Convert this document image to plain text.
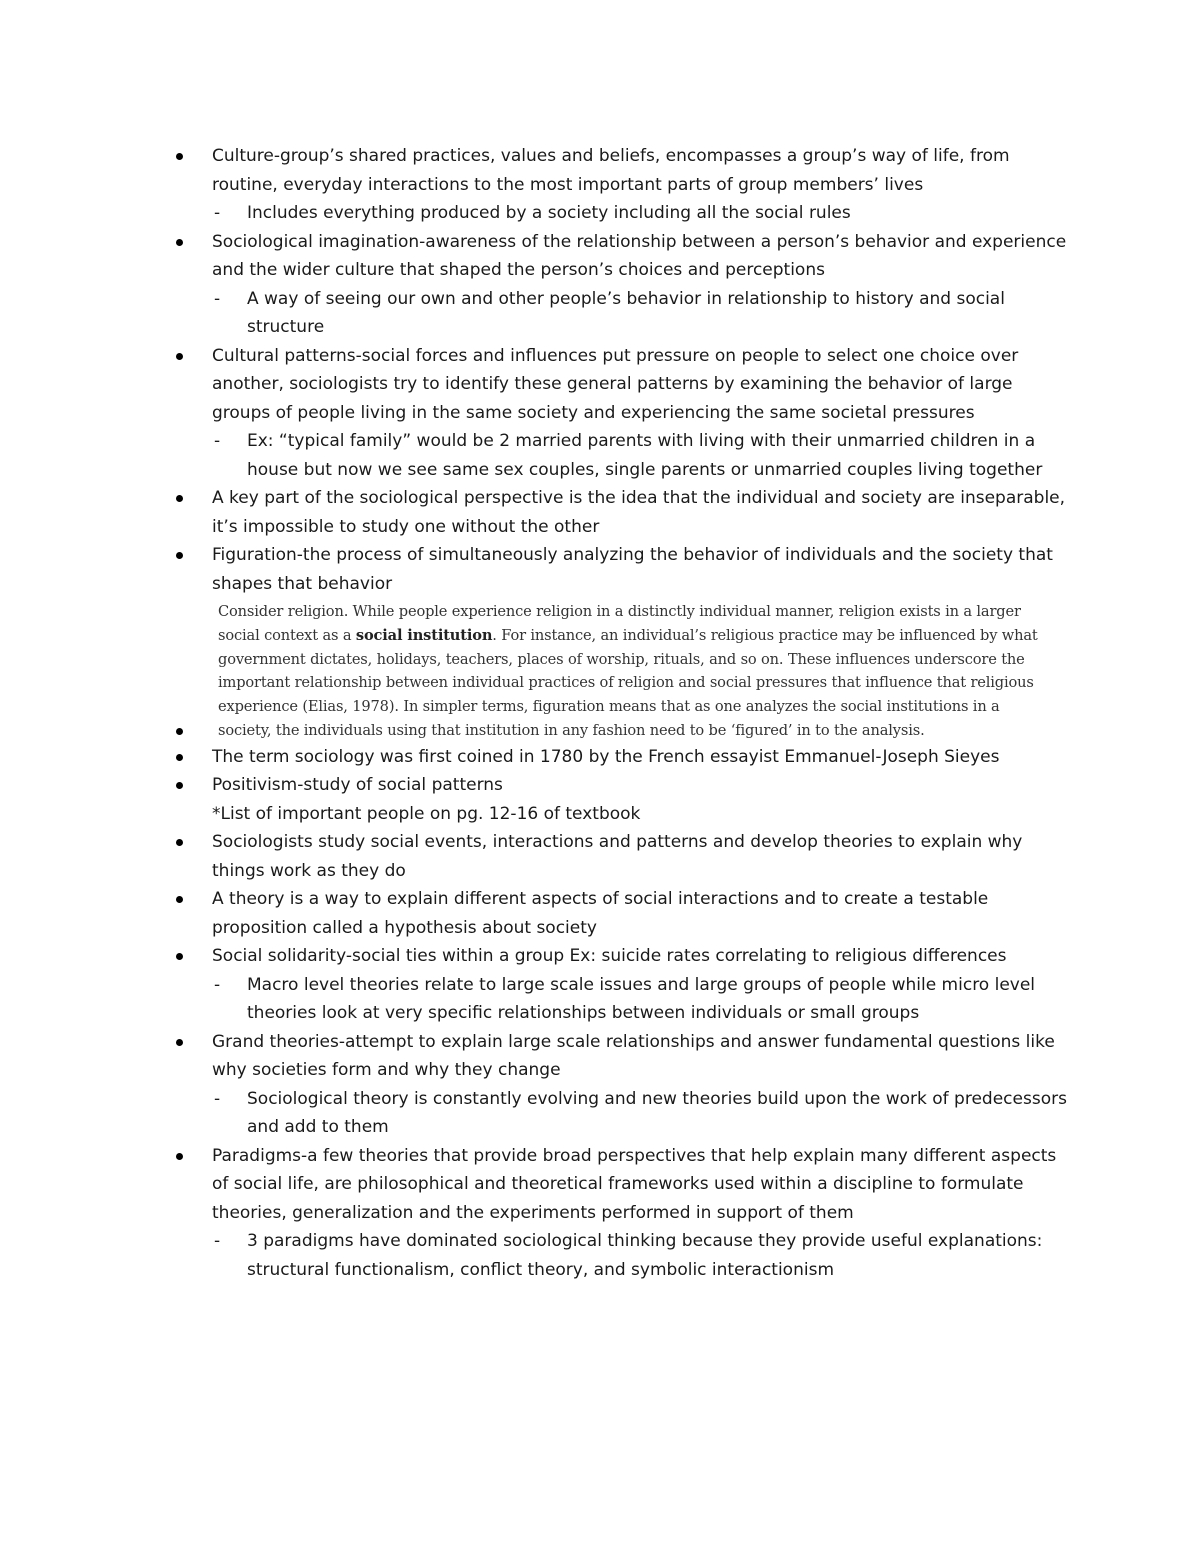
Culture-group’s shared practices, values and beliefs, encompasses a group’s way of life, from routine, everyday interactions to the most important parts of group members’ lives
- Includes everything produced by a society including all the social rules
Sociological imagination-awareness of the relationship between a person’s behavior and experience and the wider culture that shaped the person’s choices and perceptions
- A way of seeing our own and other people’s behavior in relationship to history and social structure
Cultural patterns-social forces and influences put pressure on people to select one choice over another, sociologists try to identify these general patterns by examining the behavior of large groups of people living in the same society and experiencing the same societal pressures
- Ex: “typical family” would be 2 married parents with living with their unmarried children in a house but now we see same sex couples, single parents or unmarried couples living together
A key part of the sociological perspective is the idea that the individual and society are inseparable, it’s impossible to study one without the other
Figuration-the process of simultaneously analyzing the behavior of individuals and the society that shapes that behavior
Consider religion. While people experience religion in a distinctly individual manner, religion exists in a larger social context as a social institution. For instance, an individual’s religious practice may be influenced by what government dictates, holidays, teachers, places of worship, rituals, and so on. These influences underscore the important relationship between individual practices of religion and social pressures that influence that religious experience (Elias, 1978). In simpler terms, figuration means that as one analyzes the social institutions in a society, the individuals using that institution in any fashion need to be ‘figured’ in to the analysis.
The term sociology was first coined in 1780 by the French essayist Emmanuel-Joseph Sieyes
Positivism-study of social patterns
*List of important people on pg. 12-16 of textbook
Sociologists study social events, interactions and patterns and develop theories to explain why things work as they do
A theory is a way to explain different aspects of social interactions and to create a testable proposition called a hypothesis about society
Social solidarity-social ties within a group Ex: suicide rates correlating to religious differences
- Macro level theories relate to large scale issues and large groups of people while micro level theories look at very specific relationships between individuals or small groups
Grand theories-attempt to explain large scale relationships and answer fundamental questions like why societies form and why they change
- Sociological theory is constantly evolving and new theories build upon the work of predecessors and add to them
Paradigms-a few theories that provide broad perspectives that help explain many different aspects of social life, are philosophical and theoretical frameworks used within a discipline to formulate theories, generalization and the experiments performed in support of them
- 3 paradigms have dominated sociological thinking because they provide useful explanations: structural functionalism, conflict theory, and symbolic interactionism
